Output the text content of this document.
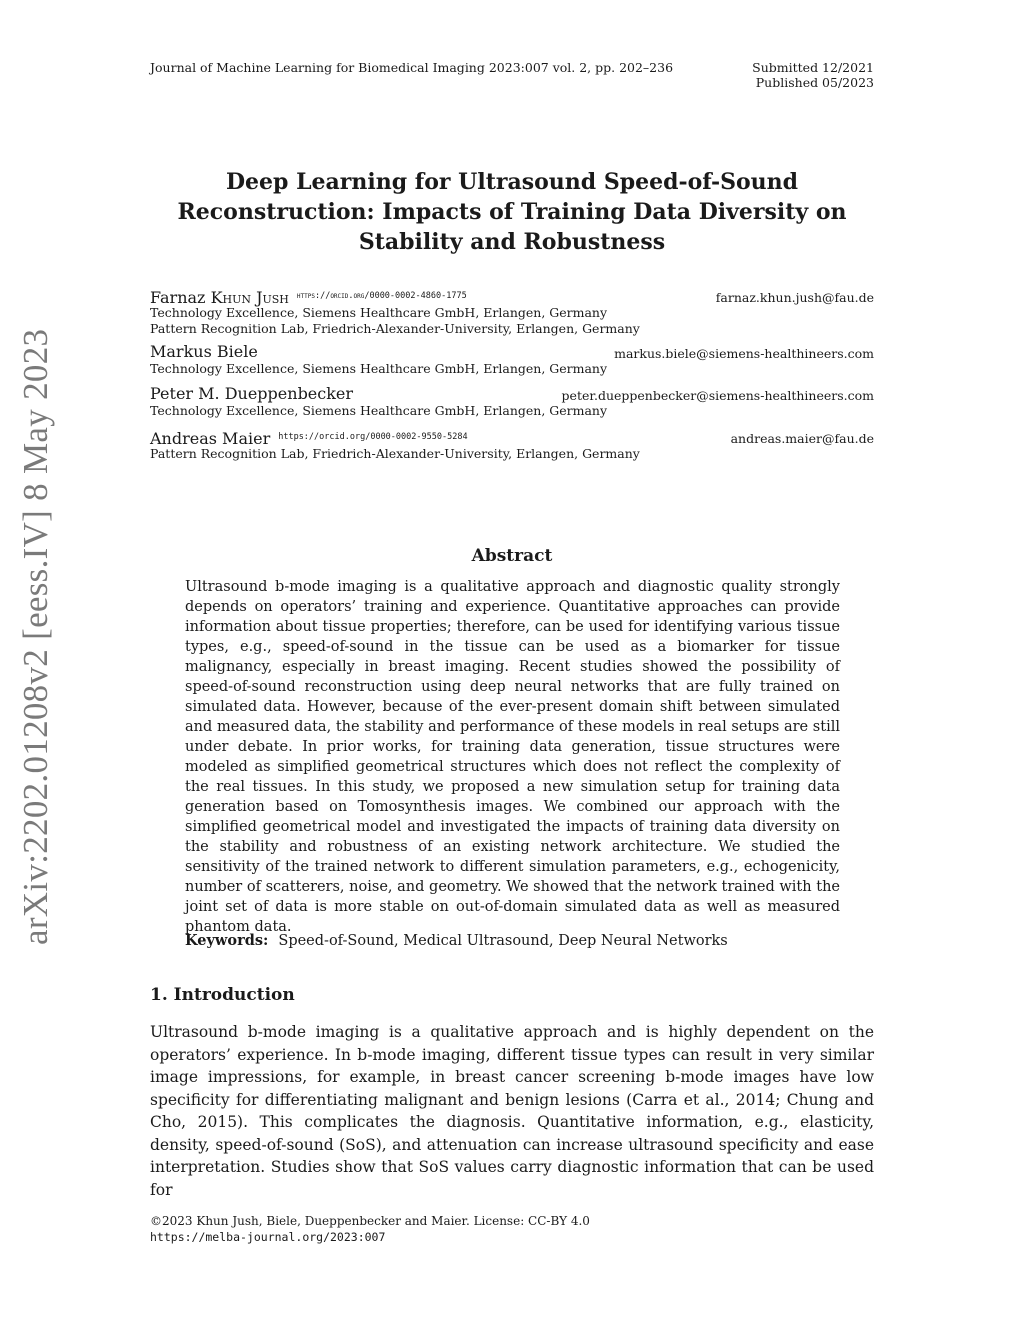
Journal of Machine Learning for Biomedical Imaging 2023:007 vol. 2, pp. 202–236	Submitted 12/2021
Published 05/2023
arXiv:2202.01208v2 [eess.IV] 8 May 2023
Deep Learning for Ultrasound Speed-of-Sound
Reconstruction: Impacts of Training Data Diversity on
Stability and Robustness
Farnaz Khun Jush $^{https://orcid.org/0000-0002-4860-1775}$	farnaz.khun.jush@fau.de
Technology Excellence, Siemens Healthcare GmbH, Erlangen, Germany
Pattern Recognition Lab, Friedrich-Alexander-University, Erlangen, Germany
Markus Biele	markus.biele@siemens-healthineers.com
Technology Excellence, Siemens Healthcare GmbH, Erlangen, Germany
Peter M. Dueppenbecker	peter.dueppenbecker@siemens-healthineers.com
Technology Excellence, Siemens Healthcare GmbH, Erlangen, Germany
Andreas Maier $^{https://orcid.org/0000-0002-9550-5284}$	andreas.maier@fau.de
Pattern Recognition Lab, Friedrich-Alexander-University, Erlangen, Germany
Abstract
Ultrasound b-mode imaging is a qualitative approach and diagnostic quality strongly depends on operators’ training and experience. Quantitative approaches can provide information about tissue properties; therefore, can be used for identifying various tissue types, e.g., speed-of-sound in the tissue can be used as a biomarker for tissue malignancy, especially in breast imaging. Recent studies showed the possibility of speed-of-sound reconstruction using deep neural networks that are fully trained on simulated data. However, because of the ever-present domain shift between simulated and measured data, the stability and performance of these models in real setups are still under debate. In prior works, for training data generation, tissue structures were modeled as simplified geometrical structures which does not reflect the complexity of the real tissues. In this study, we proposed a new simulation setup for training data generation based on Tomosynthesis images. We combined our approach with the simplified geometrical model and investigated the impacts of training data diversity on the stability and robustness of an existing network architecture. We studied the sensitivity of the trained network to different simulation parameters, e.g., echogenicity, number of scatterers, noise, and geometry. We showed that the network trained with the joint set of data is more stable on out-of-domain simulated data as well as measured phantom data.
Keywords: Speed-of-Sound, Medical Ultrasound, Deep Neural Networks
1. Introduction
Ultrasound b-mode imaging is a qualitative approach and is highly dependent on the operators’ experience. In b-mode imaging, different tissue types can result in very similar image impressions, for example, in breast cancer screening b-mode images have low specificity for differentiating malignant and benign lesions (Carra et al., 2014; Chung and Cho, 2015). This complicates the diagnosis. Quantitative information, e.g., elasticity, density, speed-of-sound (SoS), and attenuation can increase ultrasound specificity and ease interpretation. Studies show that SoS values carry diagnostic information that can be used for
©2023 Khun Jush, Biele, Dueppenbecker and Maier. License: CC-BY 4.0
https://melba-journal.org/2023:007
